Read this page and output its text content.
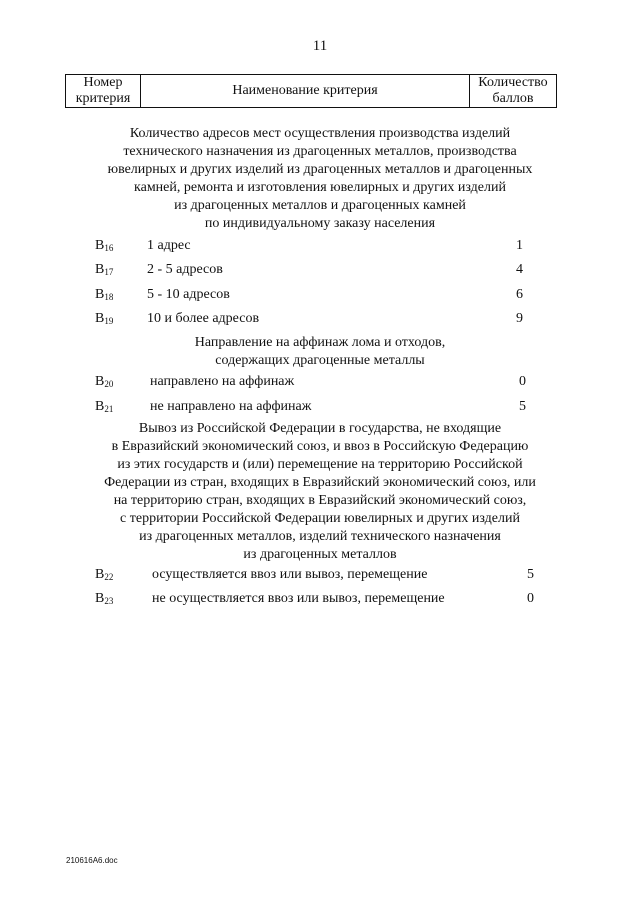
11
Номер
критерия
	Наименование критерия	
Количество
баллов
Количество адресов мест осуществления производства изделий
технического назначения из драгоценных металлов, производства
ювелирных и других изделий из драгоценных металлов и драгоценных
камней, ремонта и изготовления ювелирных и других изделий
из драгоценных металлов и драгоценных камней
по индивидуальному заказу населения
$B_{16}$ 1 адрес	1
$B_{17}$ 2 - 5 адресов	4
$B_{18}$ 5 - 10 адресов	6
$B_{19}$ 10 и более адресов	9
Направление на аффинаж лома и отходов,
содержащих драгоценные металлы
$B_{20}$	направлено на аффинаж	0
$B_{21}$	не направлено на аффинаж	5
Вывоз из Российской Федерации в государства, не входящие
в Евразийский экономический союз, и ввоз в Российскую Федерацию
из этих государств и (или) перемещение на территорию Российской
Федерации из стран, входящих в Евразийский экономический союз, или
на территорию стран, входящих в Евразийский экономический союз,
с территории Российской Федерации ювелирных и других изделий
из драгоценных металлов, изделий технического назначения
из драгоценных металлов
$B_{22}$	осуществляется ввоз или вывоз, перемещение	5
$B_{23}$	не осуществляется ввоз или вывоз, перемещение	0
210616A6.doc
